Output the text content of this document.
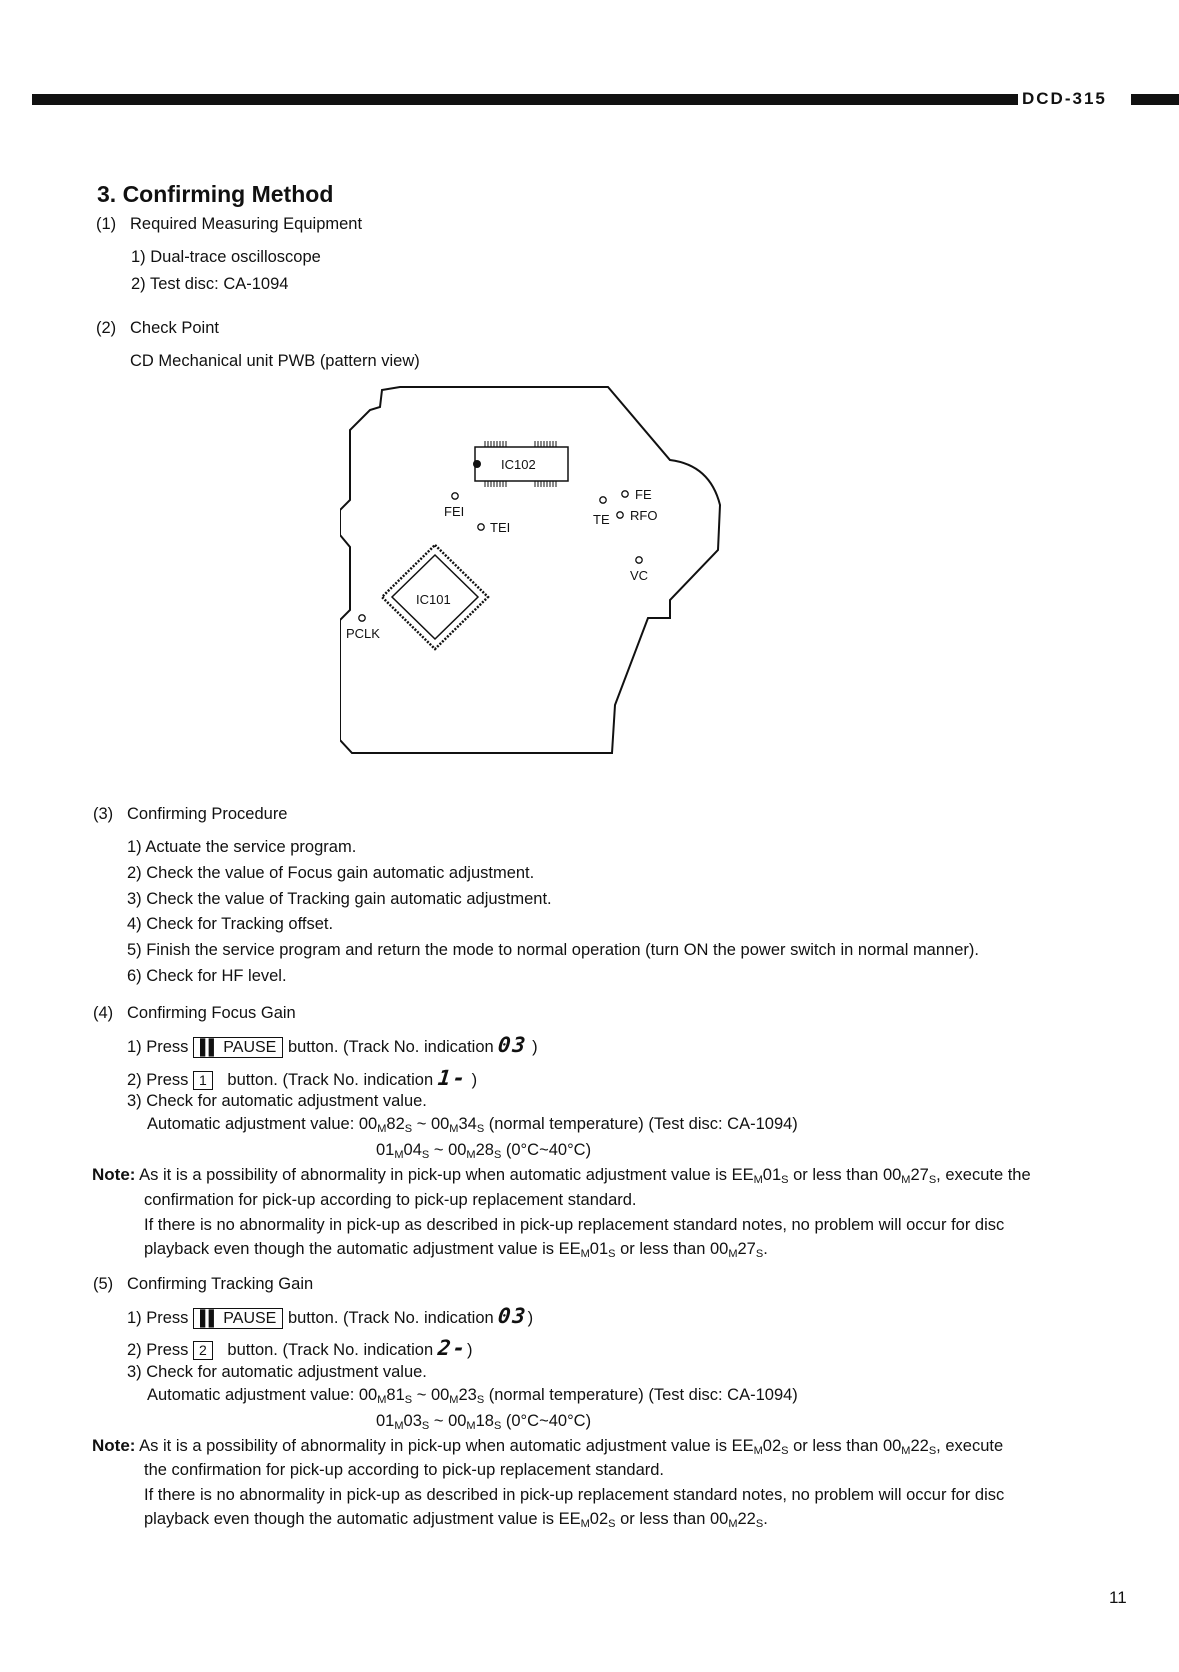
DCD-315
3. Confirming Method
(1) Required Measuring Equipment
1) Dual-trace oscilloscope
2) Test disc: CA-1094
(2) Check Point
CD Mechanical unit PWB (pattern view)
IC102
FEI
TEI
FE
TE RFO
VC
PCLK
IC101
(3) Confirming Procedure
1) Actuate the service program.
2) Check the value of Focus gain automatic adjustment.
3) Check the value of Tracking gain automatic adjustment.
4) Check for Tracking offset.
5) Finish the service program and return the mode to normal operation (turn ON the power switch in normal manner).
6) Check for HF level.
(4) Confirming Focus Gain
1) Press ▌▌ PAUSE button. (Track No. indication 03 )
2) Press 1 button. (Track No. indication 1- )
3) Check for automatic adjustment value.
Automatic adjustment value: $00_M82_S$ ~ $00_M34_S$ (normal temperature) (Test disc: CA-1094)
$01_M04_S$ ~ $00_M28_S$ (0°C~40°C)
Note: As it is a possibility of abnormality in pick-up when automatic adjustment value is $EE_M01_S$ or less than $00_M27_S$, execute the
confirmation for pick-up according to pick-up replacement standard.
If there is no abnormality in pick-up as described in pick-up replacement standard notes, no problem will occur for disc
playback even though the automatic adjustment value is $EE_M01_S$ or less than $00_M27_S$.
(5) Confirming Tracking Gain
1) Press ▌▌ PAUSE button. (Track No. indication 03)
2) Press 2 button. (Track No. indication 2-)
3) Check for automatic adjustment value.
Automatic adjustment value: $00_M81_S$ ~ $00_M23_S$ (normal temperature) (Test disc: CA-1094)
$01_M03_S$ ~ $00_M18_S$ (0°C~40°C)
Note: As it is a possibility of abnormality in pick-up when automatic adjustment value is $EE_M02_S$ or less than $00_M22_S$, execute
the confirmation for pick-up according to pick-up replacement standard.
If there is no abnormality in pick-up as described in pick-up replacement standard notes, no problem will occur for disc
playback even though the automatic adjustment value is $EE_M02_S$ or less than $00_M22_S$.
11
